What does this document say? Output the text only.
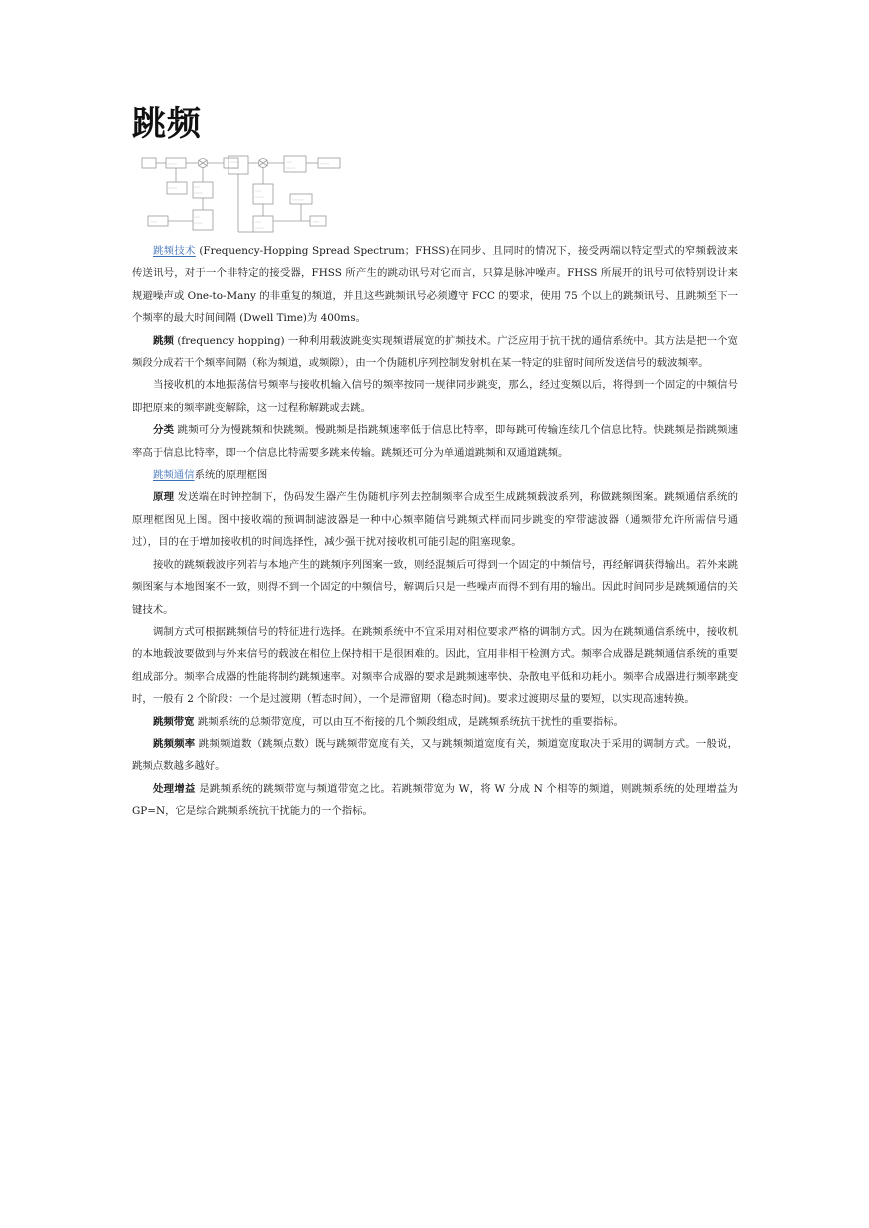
跳频
▭▭▭
▭▭▭	▭▭
▭▭▭
▭▭
▭▭▭
▭▭
▭▭▭
▭▭▭
▭▭
▭▭▭
▭▭▭
▭▭
▭▭▭
▭▭
▭▭▭
▭▭▭▭
▭▭

跳频技术 (Frequency-Hopping Spread Spectrum；FHSS)在同步、且同时的情况下，接受两端以特定型式的窄频载波来传送讯号，对于一个非特定的接受器，FHSS 所产生的跳动讯号对它而言，只算是脉冲噪声。FHSS 所展开的讯号可依特别设计来规避噪声或 One-to-Many 的非重复的频道，并且这些跳频讯号必须遵守 FCC 的要求，使用 75 个以上的跳频讯号、且跳频至下一个频率的最大时间间隔 (Dwell Time)为 400ms。

跳频 (frequency hopping) 一种利用载波跳变实现频谱展宽的扩频技术。广泛应用于抗干扰的通信系统中。其方法是把一个宽频段分成若干个频率间隔（称为频道，或频隙），由一个伪随机序列控制发射机在某一特定的驻留时间所发送信号的载波频率。

当接收机的本地振荡信号频率与接收机输入信号的频率按同一规律同步跳变，那么，经过变频以后，将得到一个固定的中频信号即把原来的频率跳变解除，这一过程称解跳或去跳。

分类 跳频可分为慢跳频和快跳频。慢跳频是指跳频速率低于信息比特率，即每跳可传输连续几个信息比特。快跳频是指跳频速率高于信息比特率，即一个信息比特需要多跳来传输。跳频还可分为单通道跳频和双通道跳频。

跳频通信系统的原理框图

原理 发送端在时钟控制下，伪码发生器产生伪随机序列去控制频率合成至生成跳频载波系列，称做跳频图案。跳频通信系统的原理框图见上图。图中接收端的预调制滤波器是一种中心频率随信号跳频式样而同步跳变的窄带滤波器（通频带允许所需信号通过），目的在于增加接收机的时间选择性，减少强干扰对接收机可能引起的阻塞现象。

接收的跳频载波序列若与本地产生的跳频序列图案一致，则经混频后可得到一个固定的中频信号，再经解调获得输出。若外来跳频图案与本地图案不一致，则得不到一个固定的中频信号，解调后只是一些噪声而得不到有用的输出。因此时间同步是跳频通信的关键技术。

调制方式可根据跳频信号的特征进行选择。在跳频系统中不宜采用对相位要求严格的调制方式。因为在跳频通信系统中，接收机的本地载波要做到与外来信号的载波在相位上保持相干是很困难的。因此，宜用非相干检测方式。频率合成器是跳频通信系统的重要组成部分。频率合成器的性能将制约跳频速率。对频率合成器的要求是跳频速率快、杂散电平低和功耗小。频率合成器进行频率跳变时，一般有 2 个阶段：一个是过渡期（暂态时间），一个是滞留期（稳态时间)。要求过渡期尽量的要短，以实现高速转换。

跳频带宽 跳频系统的总频带宽度，可以由互不衔接的几个频段组成，是跳频系统抗干扰性的重要指标。

跳频频率 跳频频道数（跳频点数）既与跳频带宽度有关，又与跳频频道宽度有关，频道宽度取决于采用的调制方式。一般说，跳频点数越多越好。

处理增益 是跳频系统的跳频带宽与频道带宽之比。若跳频带宽为 W，将 W 分成 N 个相等的频道，则跳频系统的处理增益为 GP=N，它是综合跳频系统抗干扰能力的一个指标。
